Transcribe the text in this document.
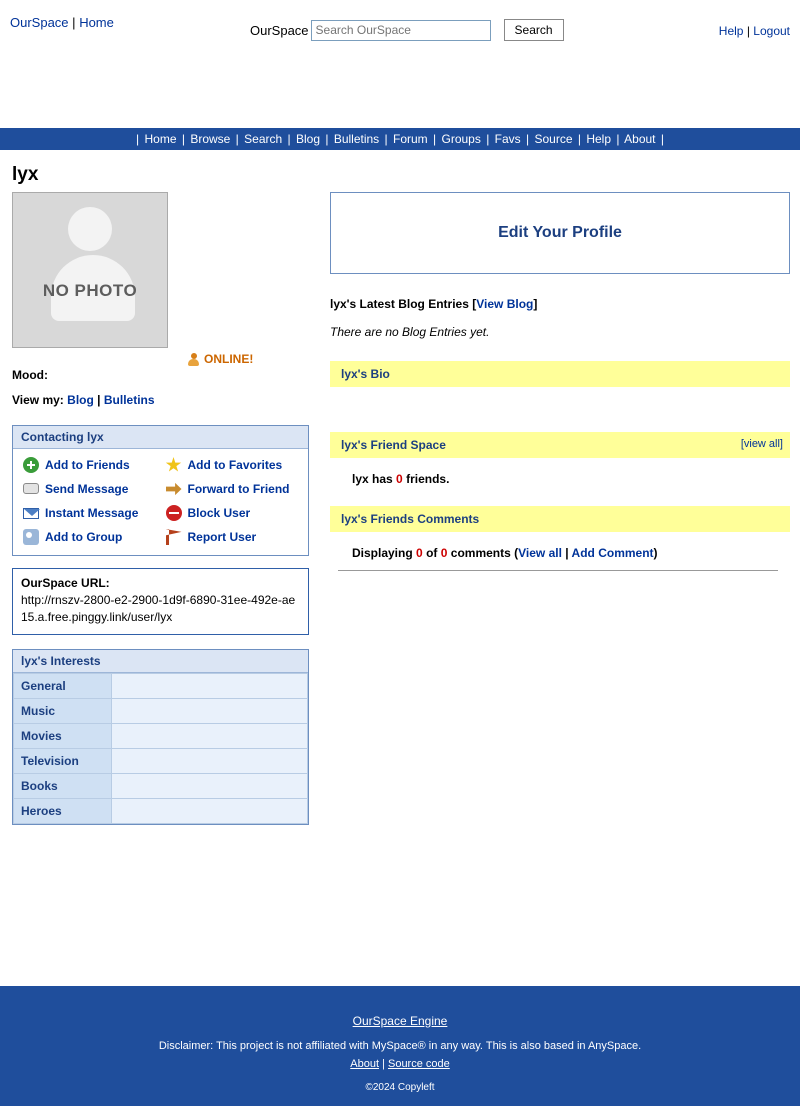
OurSpace | Home	OurSpace
Search OurSpace	Search	Help | Logout
| Home | Browse | Search | Blog | Bulletins | Forum | Groups | Favs | Source | Help | About |
lyx
NO PHOTO
ONLINE!
Mood:
View my: Blog | Bulletins
Contacting lyx
Add to Friends	Add to Favorites
Send Message	Forward to Friend
Instant Message	Block User
Add to Group	Report User
OurSpace URL:
http://rnszv-2800-e2-2900-1d9f-6890-31ee-492e-ae15.a.free.pinggy.link/user/lyx
lyx's Interests
General	
Music	
Movies	
Television	
Books	
Heroes	
Edit Your Profile
lyx's Latest Blog Entries [View Blog]
There are no Blog Entries yet.
lyx's Bio
lyx's Friend Space	[view all]
lyx has 0 friends.
lyx's Friends Comments
Displaying 0 of 0 comments (View all | Add Comment)
OurSpace Engine
Disclaimer: This project is not affiliated with MySpace® in any way. This is also based in AnySpace.
About | Source code
©2024 Copyleft
